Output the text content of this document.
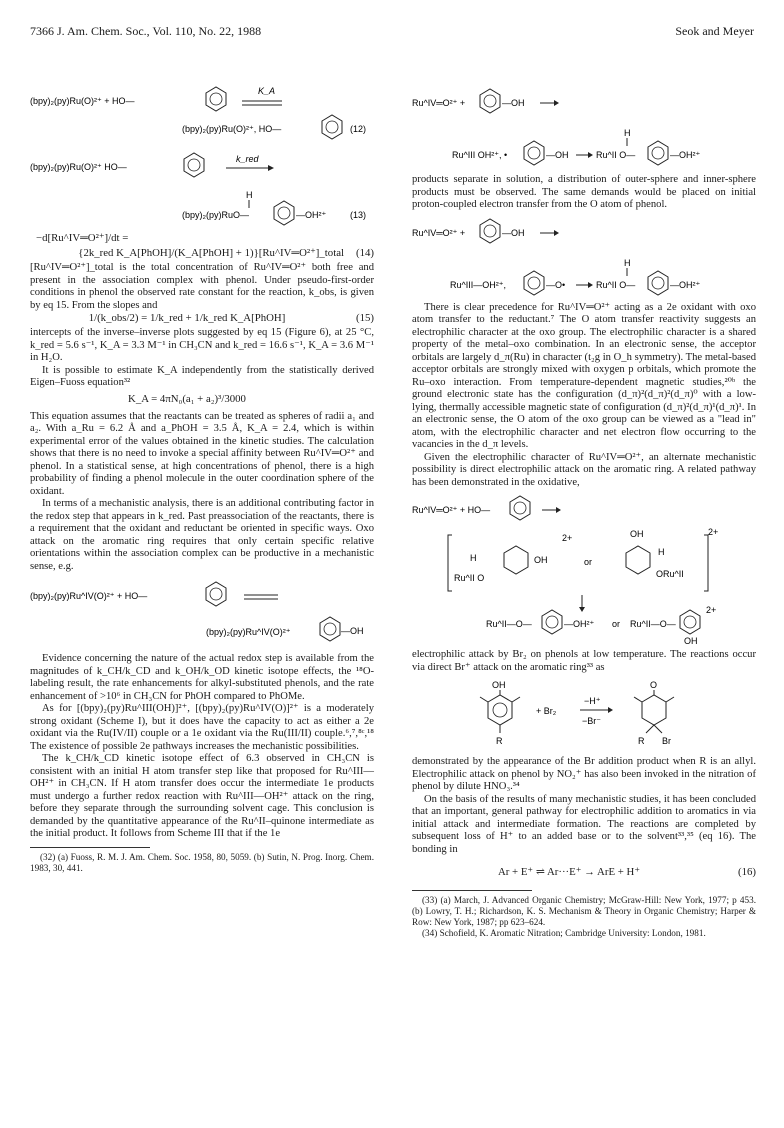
7366 J. Am. Chem. Soc., Vol. 110, No. 22, 1988	Seok and Meyer
(bpy)₂(py)Ru(O)²⁺ + HO—
K_A
(bpy)₂(py)Ru(O)²⁺, HO—	(12)
(bpy)₂(py)Ru(O)²⁺ HO—
k_red
H
(bpy)₂(py)RuO—	—OH²⁺	(13)
−d[Ru^IV═O²⁺]/dt =
{2k_red K_A[PhOH]/(K_A[PhOH] + 1)}[Ru^IV═O²⁺]_total (14)

[Ru^IV═O²⁺]_total is the total concentration of Ru^IV═O²⁺ both free and present in the association complex with phenol. Under pseudo-first-order conditions in phenol the observed rate constant for the reaction, k_obs, is given by eq 15. From the slopes and

1/(k_obs/2) = 1/k_red + 1/k_red K_A[PhOH]	(15)

intercepts of the inverse–inverse plots suggested by eq 15 (Figure 6), at 25 °C, k_red = 5.6 s⁻¹, K_A = 3.3 M⁻¹ in CH₃CN and k_red = 16.6 s⁻¹, K_A = 3.6 M⁻¹ in H₂O.

It is possible to estimate K_A independently from the statistically derived Eigen–Fuoss equation³²

K_A = 4πN₀(a₁ + a₂)³/3000

This equation assumes that the reactants can be treated as spheres of radii a₁ and a₂. With a_Ru = 6.2 Å and a_PhOH = 3.5 Å, K_A = 2.4, which is within experimental error of the values obtained in the kinetic studies. The calculation shows that there is no need to invoke a special affinity between Ru^IV═O²⁺ and phenol. In a statistical sense, at high concentrations of phenol, there is a high probability of finding a phenol molecule in the outer coordination sphere of the oxidant.

In terms of a mechanistic analysis, there is an additional contributing factor in the redox step that appears in k_red. Past preassociation of the reactants, there is a requirement that the oxidant and reductant be oriented in specific ways. Oxo attack on the aromatic ring requires that only certain specific relative orientations within the association complex can be productive in a mechanistic sense, e.g.

(bpy)₂(py)Ru^IV(O)²⁺ + HO—
(bpy)₂(py)Ru^IV(O)²⁺	—OH

Evidence concerning the nature of the actual redox step is available from the magnitudes of k_CH/k_CD and k_OH/k_OD kinetic isotope effects, the ¹⁸O-labeling result, the rate enhancements for alkyl-substituted phenols, and the rate enhancement of >10⁶ in CH₃CN for PhOH compared to PhOMe.

As for [(bpy)₂(py)Ru^III(OH)]²⁺, [(bpy)₂(py)Ru^IV(O)]²⁺ is a moderately strong oxidant (Scheme I), but it does have the capacity to act as either a 2e oxidant via the Ru(IV/II) couple or a 1e oxidant via the Ru(III/II) couple.⁶,⁷,⁸ᶜ,¹⁸ The existence of possible 2e pathways increases the mechanistic possibilities.

The k_CH/k_CD kinetic isotope effect of 6.3 observed in CH₃CN is consistent with an initial H atom transfer step like that proposed for Ru^III—OH²⁺ in CH₃CN. If H atom transfer does occur the intermediate 1e products must undergo a further redox reaction with Ru^III—OH²⁺ attack on the ring, before they separate through the surrounding solvent cage. This conclusion is demanded by the quantitative appearance of the Ru^II–quinone intermediate as the initial product. It follows from Scheme III that if the 1e

(32) (a) Fuoss, R. M. J. Am. Chem. Soc. 1958, 80, 5059. (b) Sutin, N. Prog. Inorg. Chem. 1983, 30, 441.

Ru^IV═O²⁺ +	—OH
H
Ru^III OH²⁺, •	—OH	Ru^II O—	—OH²⁺

products separate in solution, a distribution of outer-sphere and inner-sphere products must be observed. The same demands would be placed on initial proton-coupled electron transfer from the O atom of phenol.

Ru^IV═O²⁺ +	—OH
H
Ru^III—OH²⁺,	—O•	Ru^II O—	—OH²⁺

There is clear precedence for Ru^IV═O²⁺ acting as a 2e oxidant with oxo atom transfer to the reductant.⁷ The O atom transfer reactivity suggests an electrophilic character at the oxo group. The electrophilic character is a shared property of the metal–oxo combination. In an electronic sense, the acceptor orbitals are largely d_π(Ru) in character (t₂g in O_h symmetry). The metal-based acceptor orbitals are strongly mixed with oxygen p orbitals, which promote the Ru–oxo interaction. From temperature-dependent magnetic studies,²⁰ᵇ the ground electronic state has the configuration (d_π)²(d_π)²(d_π)⁰ with a low-lying, thermally accessible magnetic state of configuration (d_π)²(d_π)¹(d_π)¹. In an electronic sense, the O atom of the oxo group can be viewed as a "lead in" atom, with the electrophilic character and net electron flow occurring to the vacancies in the d_π levels.

Given the electrophilic character of Ru^IV═O²⁺, an alternate mechanistic possibility is direct electrophilic attack on the aromatic ring. A related pathway has been demonstrated in the oxidative,

Ru^IV═O²⁺ + HO—
2+
2+
H
Ru^II O
OH	or
OH
H
ORu^II
2+
Ru^II—O—	—OH²⁺ or Ru^II—O—
OH

electrophilic attack by Br₂ on phenols at low temperature. The reactions occur via direct Br⁺ attack on the aromatic ring³³ as

OH
R
+ Br₂
−H⁺
−Br⁻
O
R Br

demonstrated by the appearance of the Br addition product when R is an allyl. Electrophilic attack on phenol by NO₂⁺ has also been invoked in the nitration of phenol by dilute HNO₃.³⁴

On the basis of the results of many mechanistic studies, it has been concluded that an important, general pathway for electrophilic addition to aromatics in via initial attack and intermediate formation. The reactions are completed by subsequent loss of H⁺ to an added base or to the solvent³³,³⁵ (eq 16). The bonding in

Ar + E⁺ ⇌ Ar···E⁺ → ArE + H⁺	(16)

(33) (a) March, J. Advanced Organic Chemistry; McGraw-Hill: New York, 1977; p 453. (b) Lowry, T. H.; Richardson, K. S. Mechanism & Theory in Organic Chemistry; Harper & Row: New York, 1987; pp 623–624.

(34) Schofield, K. Aromatic Nitration; Cambridge University: London, 1981.
